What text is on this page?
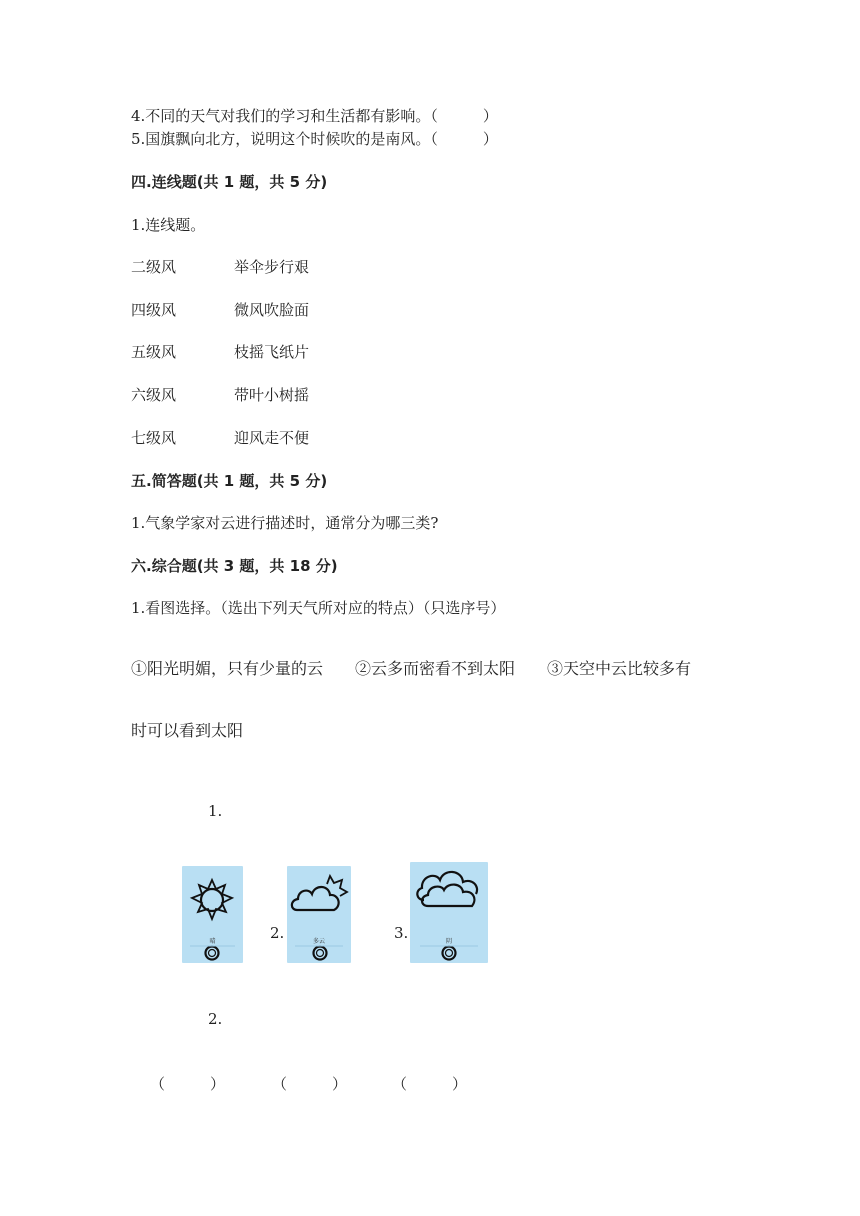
4.不同的天气对我们的学习和生活都有影响。（　　　）
5.国旗飘向北方，说明这个时候吹的是南风。（　　　）
四.连线题(共 1 题，共 5 分)
1.连线题。
二级风	举伞步行艰
四级风	微风吹脸面
五级风	枝摇飞纸片
六级风	带叶小树摇
七级风	迎风走不便
五.简答题(共 1 题，共 5 分)
1.气象学家对云进行描述时，通常分为哪三类?
六.综合题(共 3 题，共 18 分)
1.看图选择。（选出下列天气所对应的特点）（只选序号）
①阳光明媚，只有少量的云　　②云多而密看不到太阳　　③天空中云比较多有
时可以看到太阳
1.
晴	2.	多云	3.	阴
2.
（　　　）	（　　　）	（　　　）
